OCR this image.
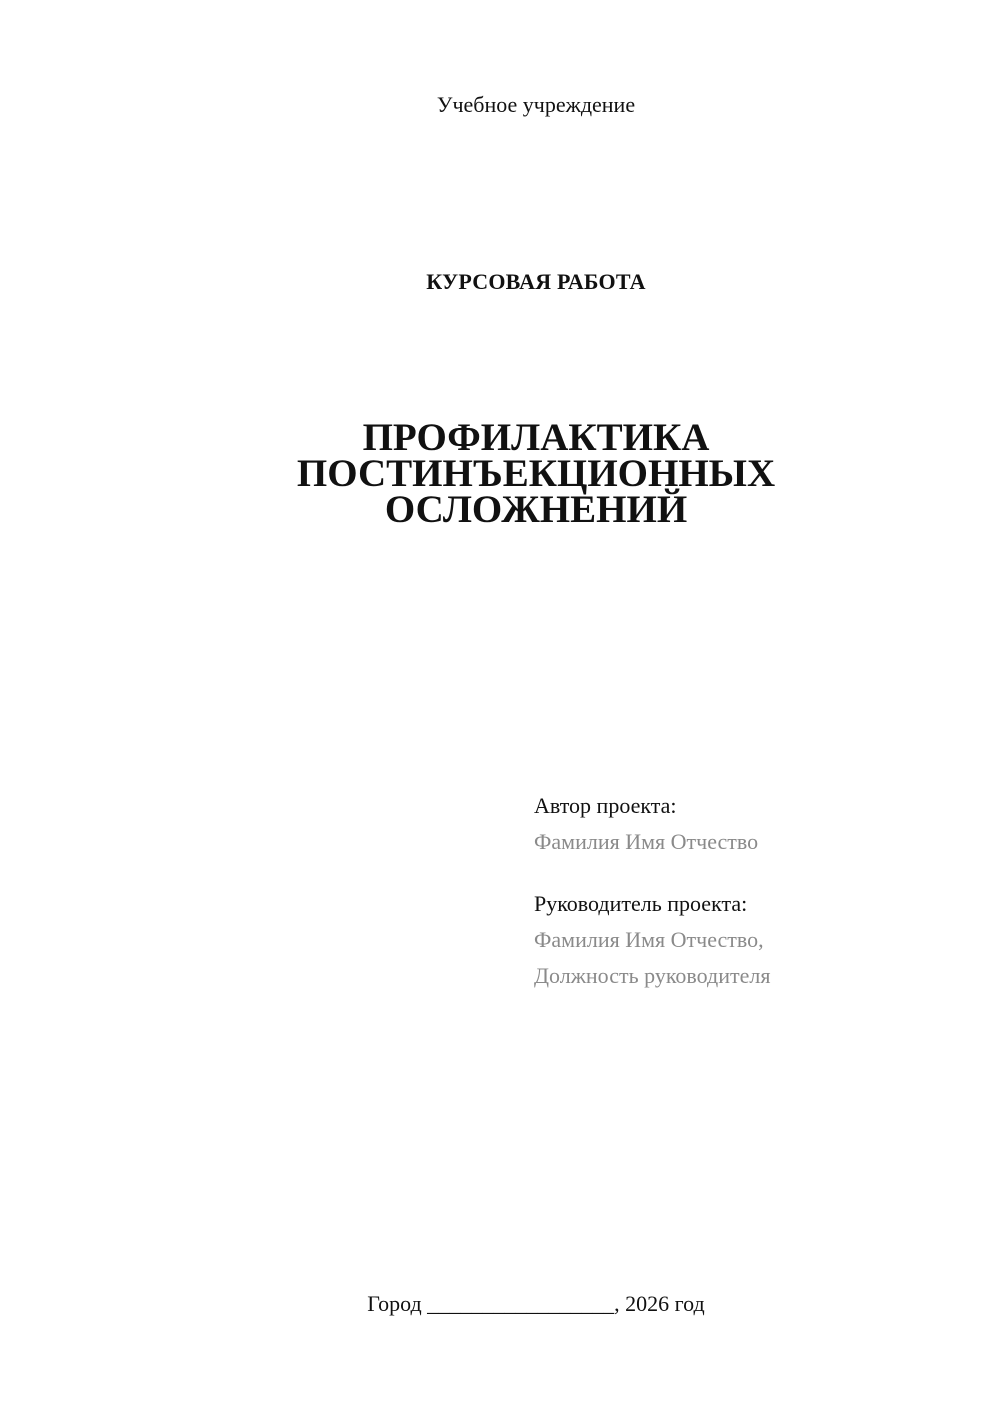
Учебное учреждение
КУРСОВАЯ РАБОТА
ПРОФИЛАКТИКА
ПОСТИНЪЕКЦИОННЫХ
ОСЛОЖНЕНИЙ
Автор проекта:
Фамилия Имя Отчество
Руководитель проекта:
Фамилия Имя Отчество,
Должность руководителя
Город _________________, 2026 год
